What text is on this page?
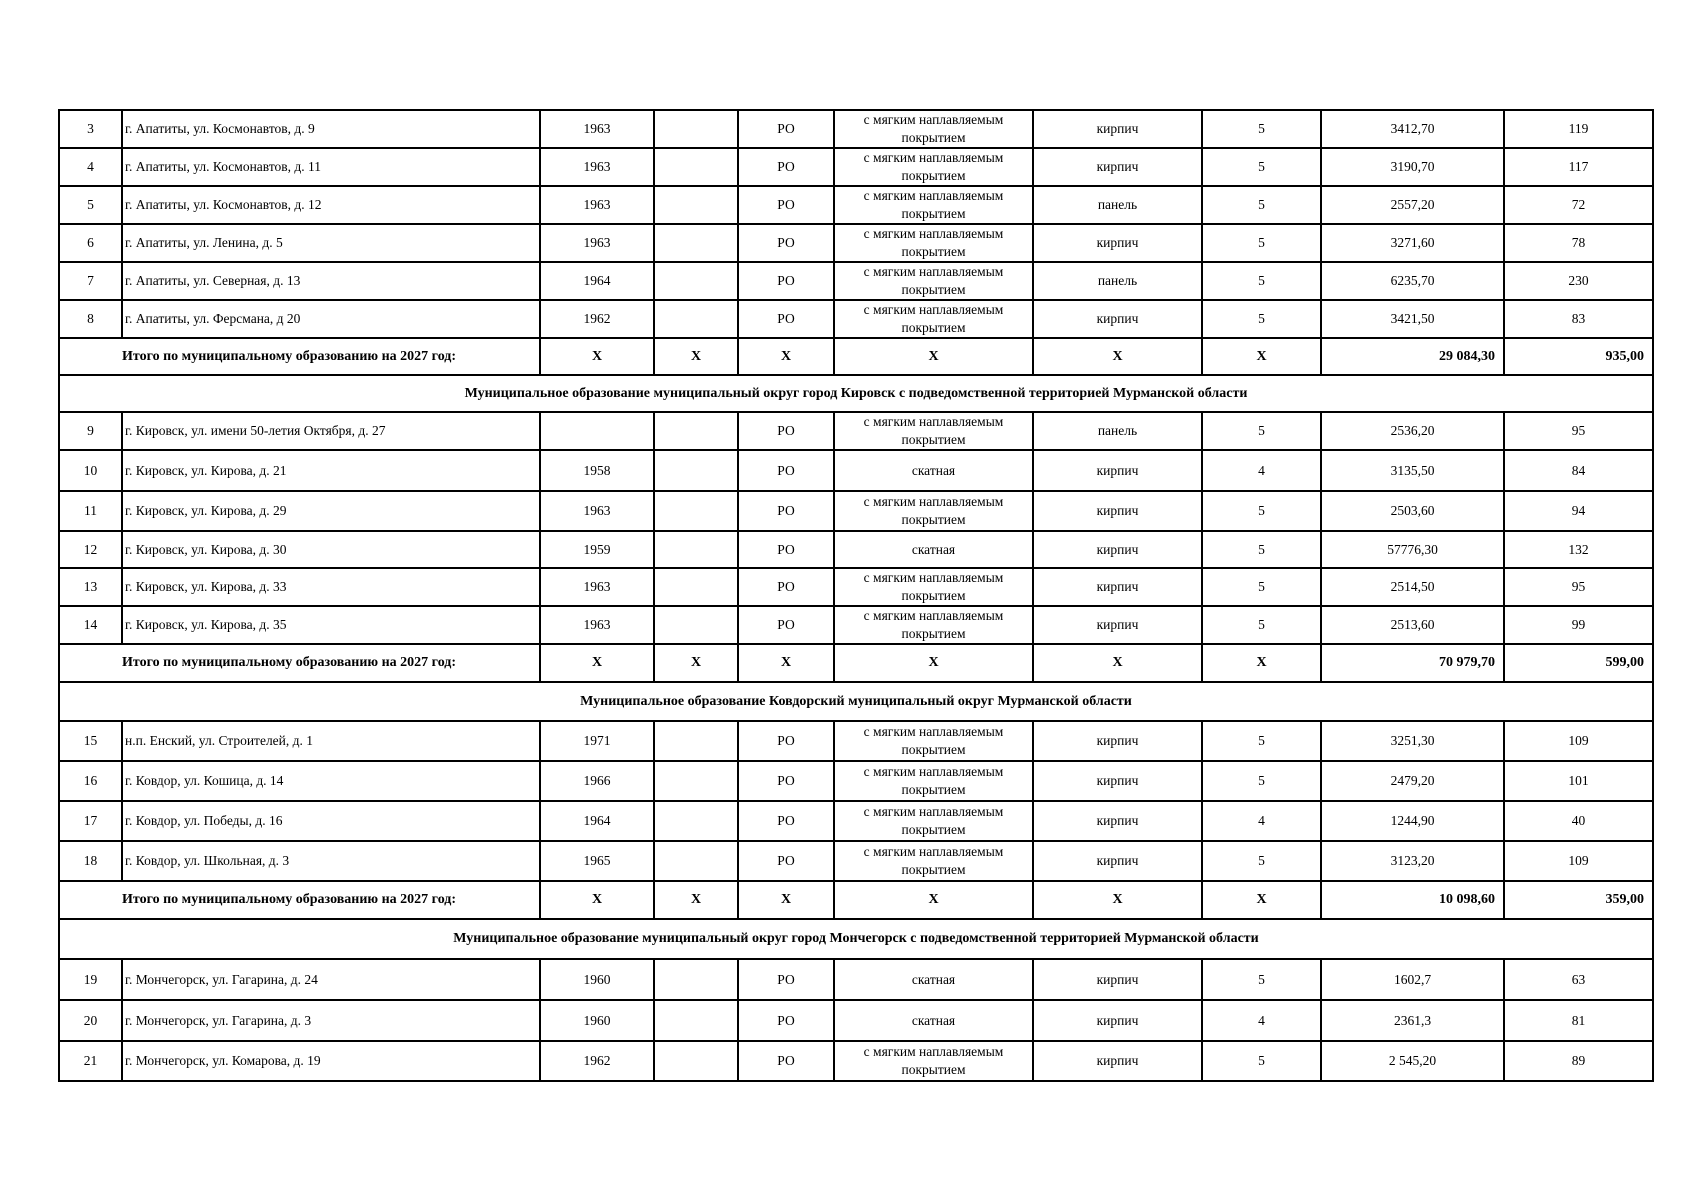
3	г. Апатиты, ул. Космонавтов, д. 9	1963		РО	с мягким наплавляемым покрытием	кирпич	5	3412,70	119
4	г. Апатиты, ул. Космонавтов, д. 11	1963		РО	с мягким наплавляемым покрытием	кирпич	5	3190,70	117
5	г. Апатиты, ул. Космонавтов, д. 12	1963		РО	с мягким наплавляемым покрытием	панель	5	2557,20	72
6	г. Апатиты, ул. Ленина, д. 5	1963		РО	с мягким наплавляемым покрытием	кирпич	5	3271,60	78
7	г. Апатиты, ул. Северная, д. 13	1964		РО	с мягким наплавляемым покрытием	панель	5	6235,70	230
8	г. Апатиты, ул. Ферсмана, д 20	1962		РО	с мягким наплавляемым покрытием	кирпич	5	3421,50	83
Итого по муниципальному образованию на 2027 год:		X	X	X	X	X	X	29 084,30	935,00
Муниципальное образование муниципальный округ город Кировск с подведомственной территорией Мурманской области									
9	г. Кировск, ул. имени 50-летия Октября, д. 27			РО	с мягким наплавляемым покрытием	панель	5	2536,20	95
10	г. Кировск, ул. Кирова, д. 21	1958		РО	скатная	кирпич	4	3135,50	84
11	г. Кировск, ул. Кирова, д. 29	1963		РО	с мягким наплавляемым покрытием	кирпич	5	2503,60	94
12	г. Кировск, ул. Кирова, д. 30	1959		РО	скатная	кирпич	5	57776,30	132
13	г. Кировск, ул. Кирова, д. 33	1963		РО	с мягким наплавляемым покрытием	кирпич	5	2514,50	95
14	г. Кировск, ул. Кирова, д. 35	1963		РО	с мягким наплавляемым покрытием	кирпич	5	2513,60	99
Итого по муниципальному образованию на 2027 год:		X	X	X	X	X	X	70 979,70	599,00
Муниципальное образование Ковдорский муниципальный округ Мурманской области									
15	н.п. Енский, ул. Строителей, д. 1	1971		РО	с мягким наплавляемым покрытием	кирпич	5	3251,30	109
16	г. Ковдор, ул. Кошица, д. 14	1966		РО	с мягким наплавляемым покрытием	кирпич	5	2479,20	101
17	г. Ковдор, ул. Победы, д. 16	1964		РО	с мягким наплавляемым покрытием	кирпич	4	1244,90	40
18	г. Ковдор, ул. Школьная, д. 3	1965		РО	с мягким наплавляемым покрытием	кирпич	5	3123,20	109
Итого по муниципальному образованию на 2027 год:		X	X	X	X	X	X	10 098,60	359,00
Муниципальное образование муниципальный округ город Мончегорск с подведомственной территорией Мурманской области									
19	г. Мончегорск, ул. Гагарина, д. 24	1960		РО	скатная	кирпич	5	1602,7	63
20	г. Мончегорск, ул. Гагарина, д. 3	1960		РО	скатная	кирпич	4	2361,3	81
21	г. Мончегорск, ул. Комарова, д. 19	1962		РО	с мягким наплавляемым покрытием	кирпич	5	2 545,20	89
